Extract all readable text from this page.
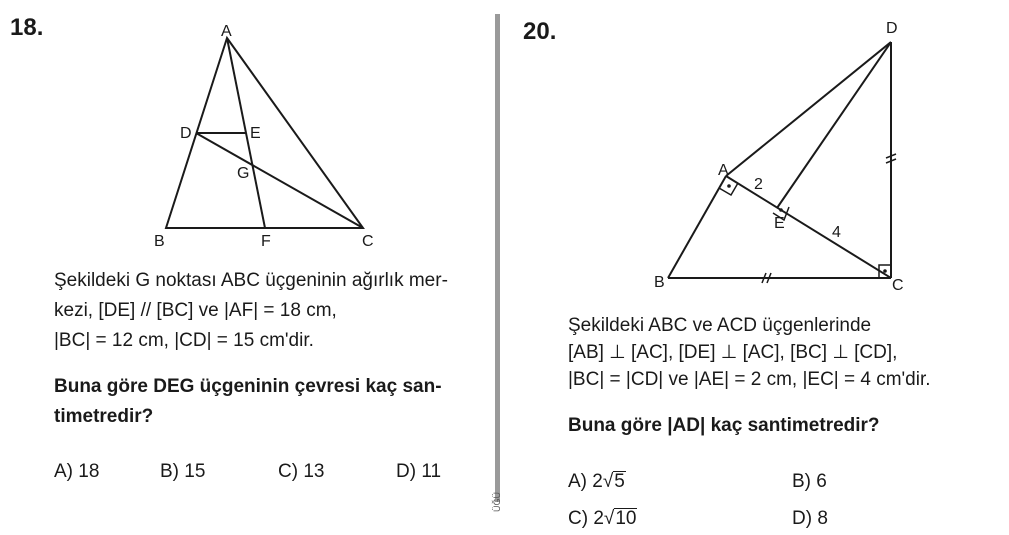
18.	A
B	C
D	E
F
G
Şekildeki G noktası ABC üçgeninin ağırlık mer-
kezi, [DE] // [BC] ve |AF| = 18 cm,
|BC| = 12 cm, |CD| = 15 cm'dir.
Buna göre DEG üçgeninin çevresi kaç san-
timetredir?
A) 18	B) 15	C) 13	D) 11
ÜĞÜ
20.	D
A
B	C
E
2
4
Şekildeki ABC ve ACD üçgenlerinde
[AB] ⊥ [AC], [DE] ⊥ [AC], [BC] ⊥ [CD],
|BC| = |CD| ve |AE| = 2 cm, |EC| = 4 cm'dir.
Buna göre |AD| kaç santimetredir?
A) 2√5	B) 6
C) 2√10	D) 8
